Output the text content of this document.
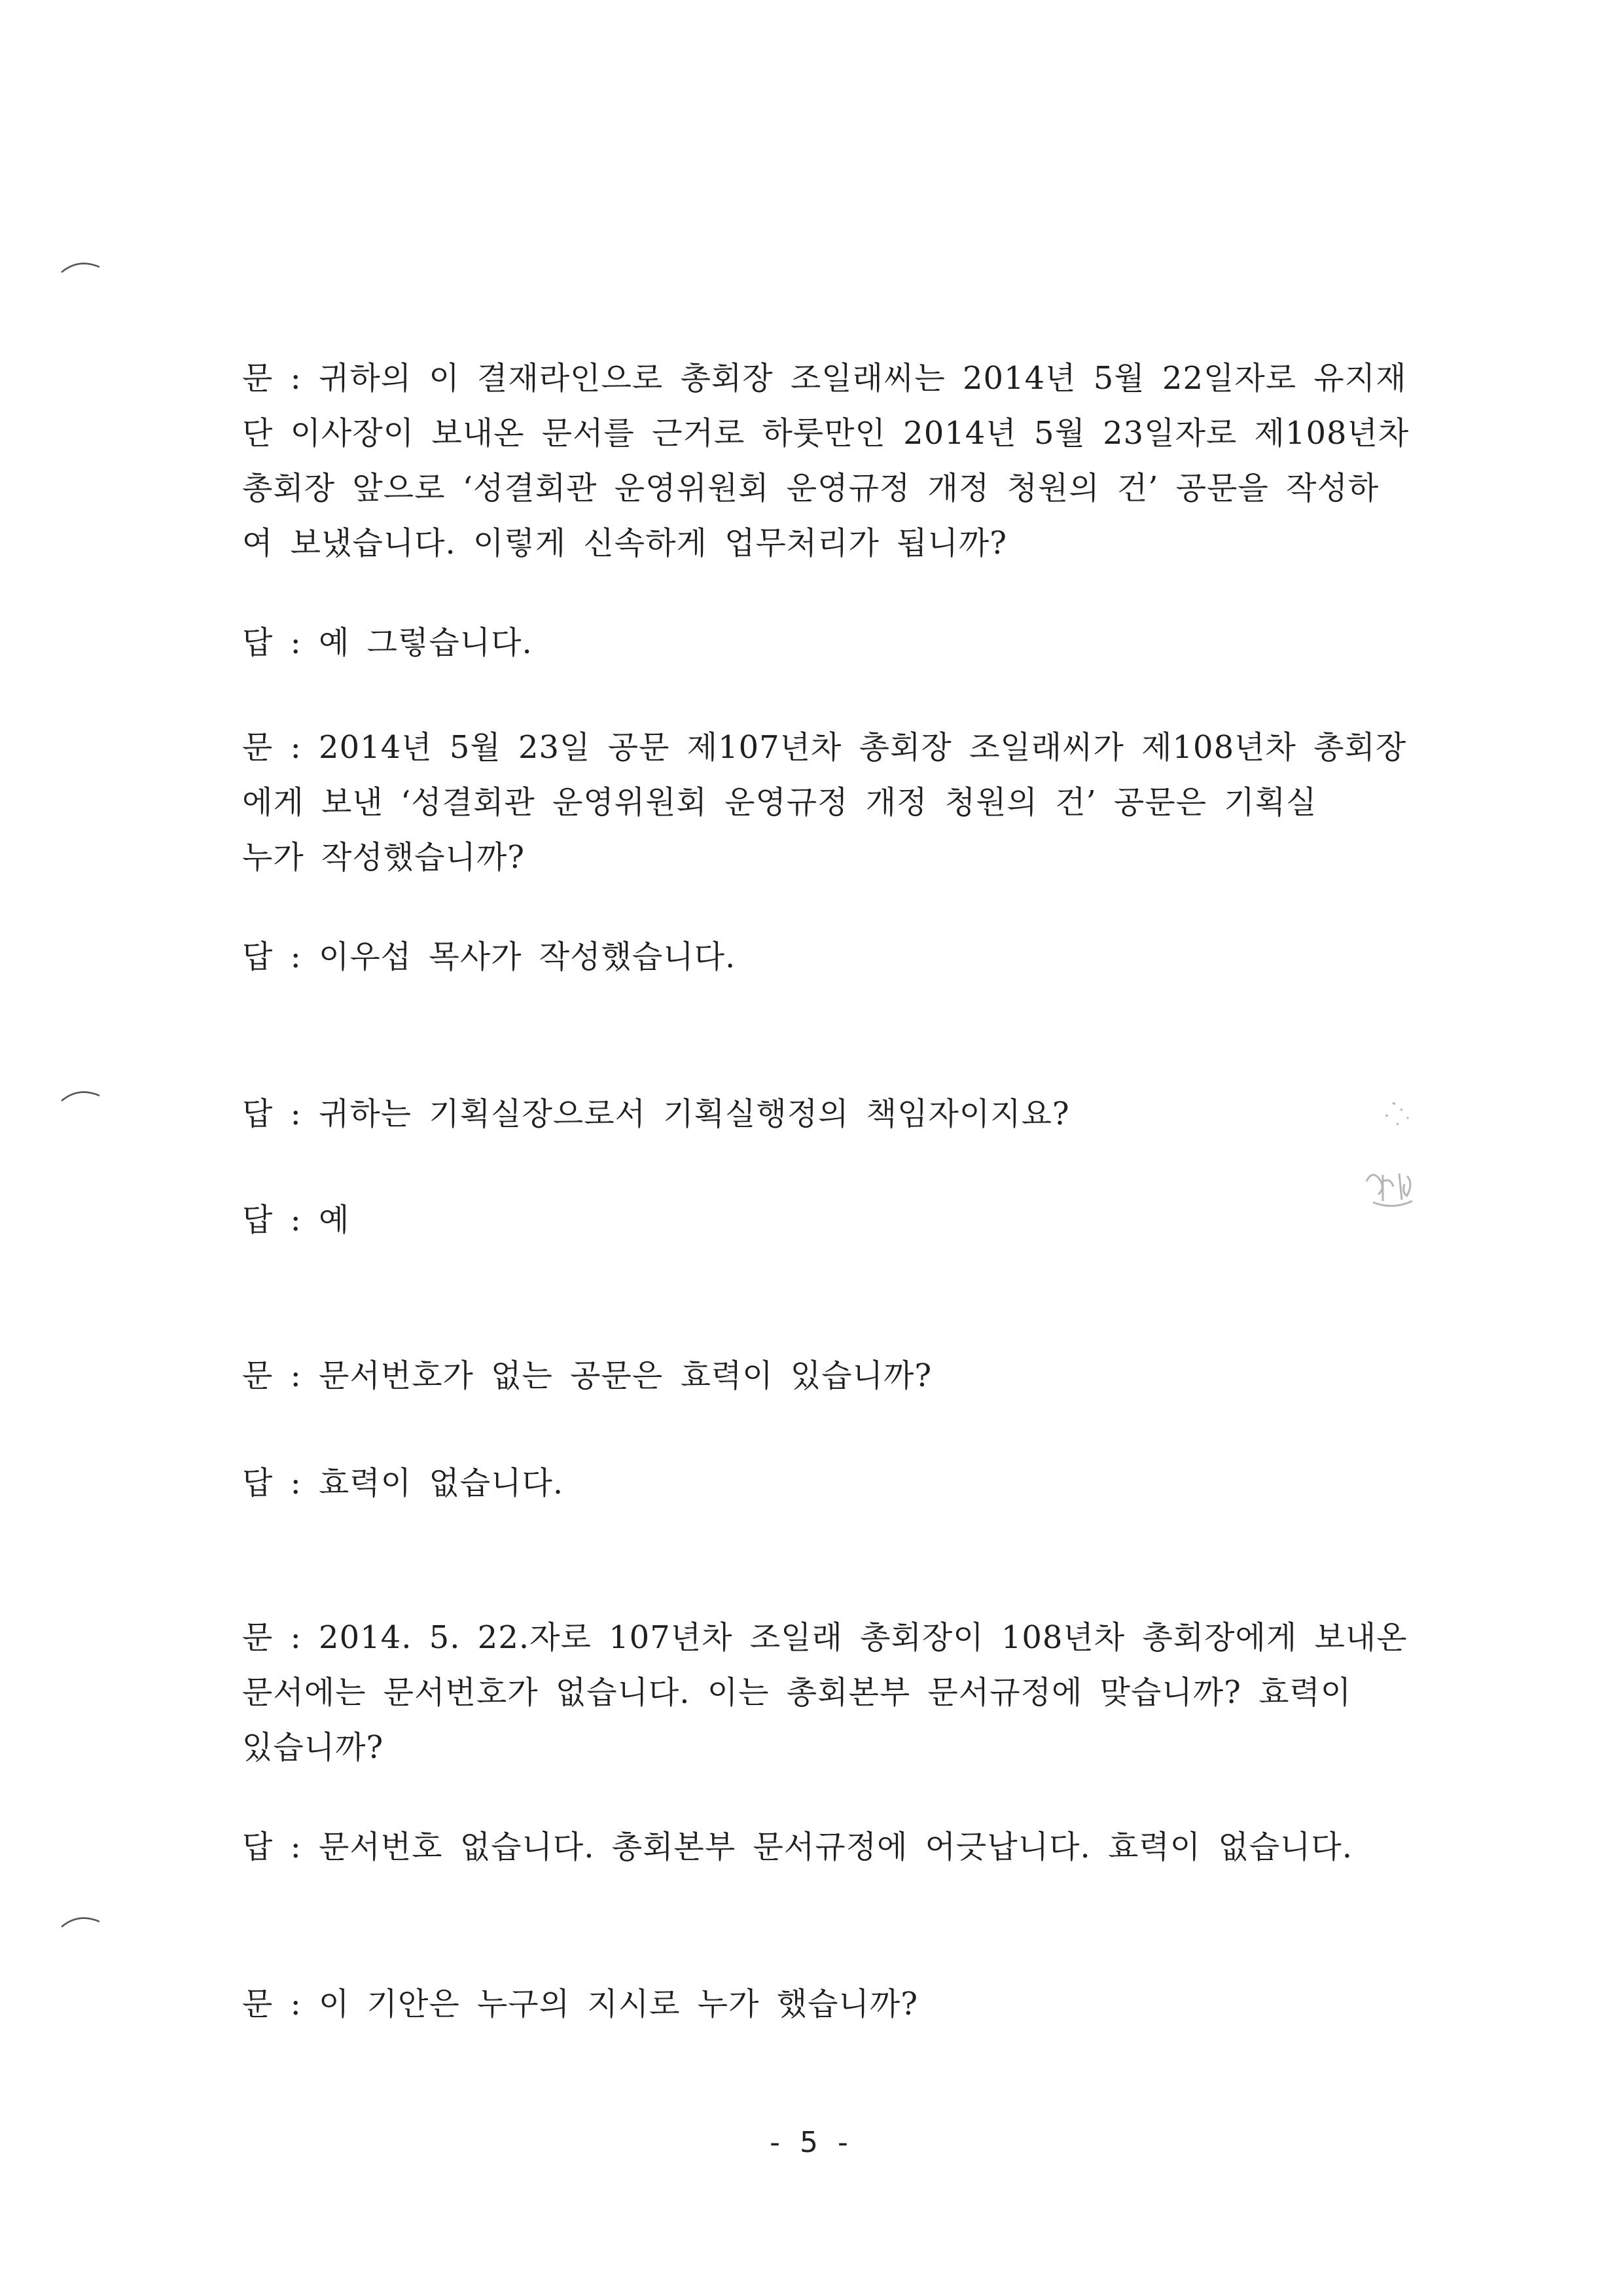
문 : 귀하의 이 결재라인으로 총회장 조일래씨는 2014년 5월 22일자로 유지재
단 이사장이 보내온 문서를 근거로 하룻만인 2014년 5월 23일자로 제108년차
총회장 앞으로 ‘성결회관 운영위원회 운영규정 개정 청원의 건’ 공문을 작성하
여 보냈습니다. 이렇게 신속하게 업무처리가 됩니까?
답 : 예 그렇습니다.
문 : 2014년 5월 23일 공문 제107년차 총회장 조일래씨가 제108년차 총회장
에게 보낸 ‘성결회관 운영위원회 운영규정 개정 청원의 건’ 공문은 기획실
누가 작성했습니까?
답 : 이우섭 목사가 작성했습니다.
답 : 귀하는 기획실장으로서 기획실행정의 책임자이지요?
답 : 예
문 : 문서번호가 없는 공문은 효력이 있습니까?
답 : 효력이 없습니다.
문 : 2014. 5. 22.자로 107년차 조일래 총회장이 108년차 총회장에게 보내온
문서에는 문서번호가 없습니다. 이는 총회본부 문서규정에 맞습니까? 효력이
있습니까?
답 : 문서번호 없습니다. 총회본부 문서규정에 어긋납니다. 효력이 없습니다.
문 : 이 기안은 누구의 지시로 누가 했습니까?
- 5 -
